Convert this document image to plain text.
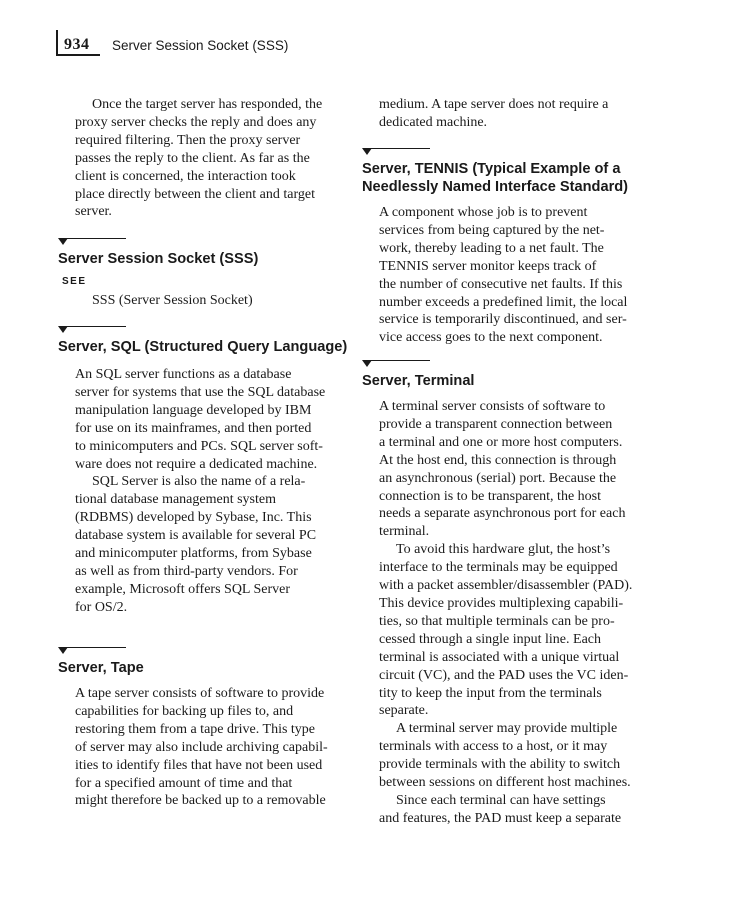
934 Server Session Socket (SSS)

Once the target server has responded, the
proxy server checks the reply and does any
required filtering. Then the proxy server
passes the reply to the client. As far as the
client is concerned, the interaction took
place directly between the client and target
server.

Server Session Socket (SSS)

SEE

SSS (Server Session Socket)

Server, SQL (Structured Query Language)

An SQL server functions as a database
server for systems that use the SQL database
manipulation language developed by IBM
for use on its mainframes, and then ported
to minicomputers and PCs. SQL server soft-
ware does not require a dedicated machine.
SQL Server is also the name of a rela-
tional database management system
(RDBMS) developed by Sybase, Inc. This
database system is available for several PC
and minicomputer platforms, from Sybase
as well as from third-party vendors. For
example, Microsoft offers SQL Server
for OS/2.

Server, Tape

A tape server consists of software to provide
capabilities for backing up files to, and
restoring them from a tape drive. This type
of server may also include archiving capabil-
ities to identify files that have not been used
for a specified amount of time and that
might therefore be backed up to a removable

medium. A tape server does not require a
dedicated machine.

Server, TENNIS (Typical Example of a Needlessly Named Interface Standard)

A component whose job is to prevent
services from being captured by the net-
work, thereby leading to a net fault. The
TENNIS server monitor keeps track of
the number of consecutive net faults. If this
number exceeds a predefined limit, the local
service is temporarily discontinued, and ser-
vice access goes to the next component.

Server, Terminal

A terminal server consists of software to
provide a transparent connection between
a terminal and one or more host computers.
At the host end, this connection is through
an asynchronous (serial) port. Because the
connection is to be transparent, the host
needs a separate asynchronous port for each
terminal.
To avoid this hardware glut, the host’s
interface to the terminals may be equipped
with a packet assembler/disassembler (PAD).
This device provides multiplexing capabili-
ties, so that multiple terminals can be pro-
cessed through a single input line. Each
terminal is associated with a unique virtual
circuit (VC), and the PAD uses the VC iden-
tity to keep the input from the terminals
separate.
A terminal server may provide multiple
terminals with access to a host, or it may
provide terminals with the ability to switch
between sessions on different host machines.
Since each terminal can have settings
and features, the PAD must keep a separate
